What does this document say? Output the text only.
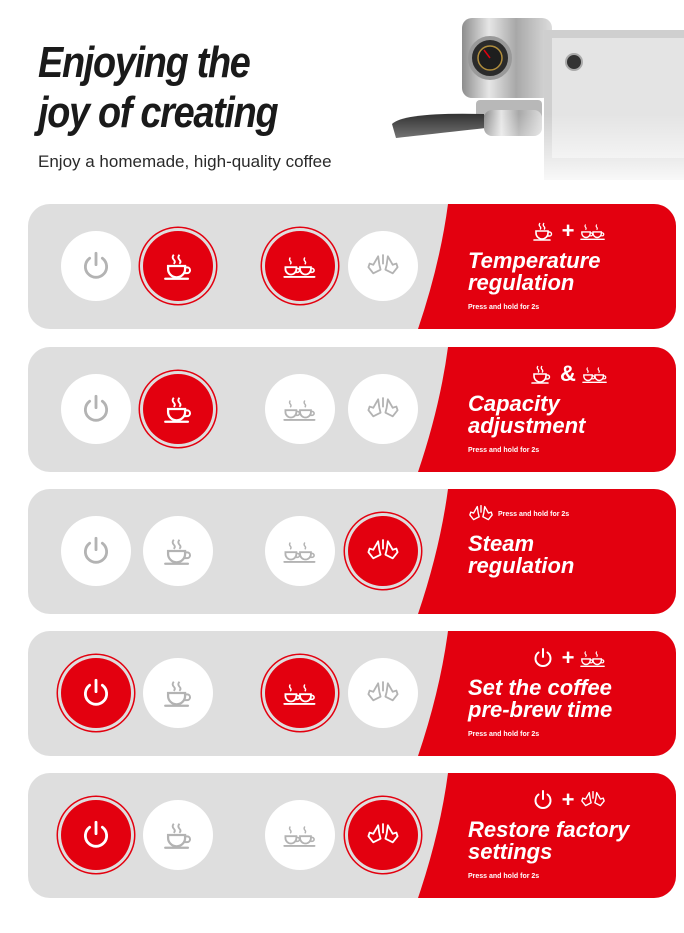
Enjoying the
joy of creating
Enjoy a homemade, high-quality coffee
+
Temperature
regulation
Press and hold for 2s
&
Capacity
adjustment
Press and hold for 2s
Press and hold for 2s
Steam
regulation
+
Set the coffee
pre-brew time
Press and hold for 2s
+
Restore factory
settings
Press and hold for 2s
